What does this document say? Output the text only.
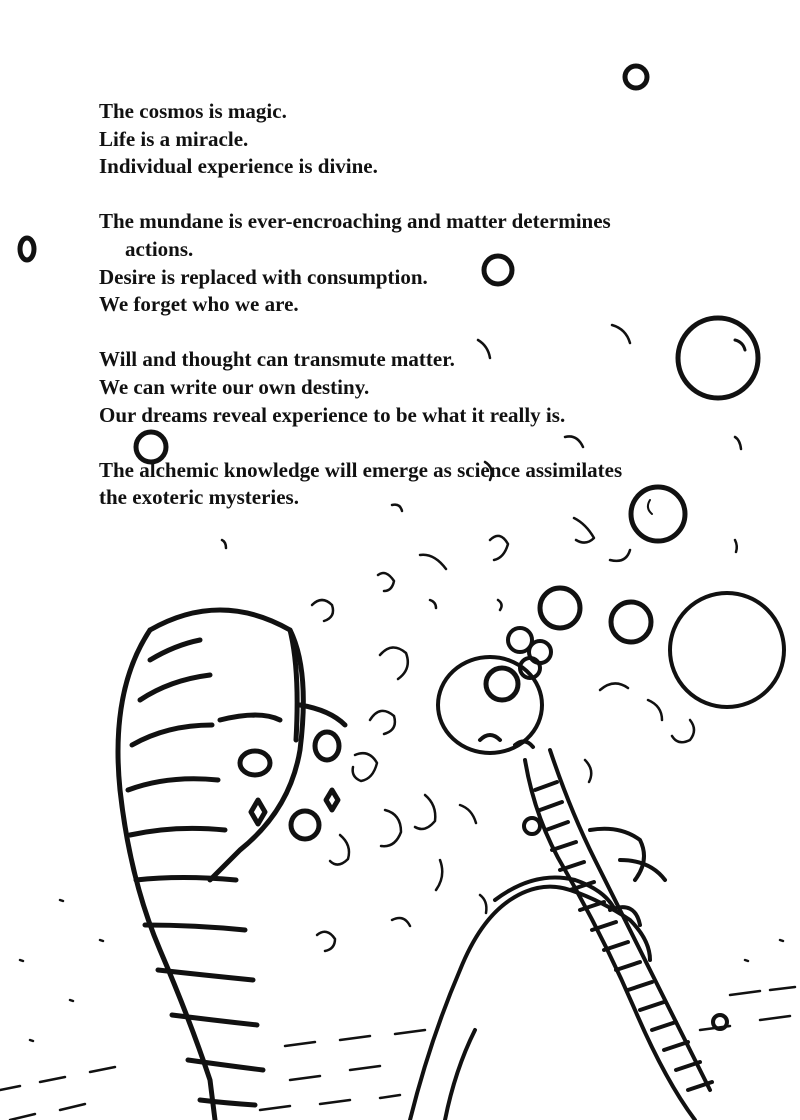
The cosmos is magic.
Life is a miracle.
Individual experience is divine.

The mundane is ever-encroaching and matter determines
actions.
Desire is replaced with consumption.
We forget who we are.

Will and thought can transmute matter.
We can write our own destiny.
Our dreams reveal experience to be what it really is.

The alchemic knowledge will emerge as science assimilates
the exoteric mysteries.
